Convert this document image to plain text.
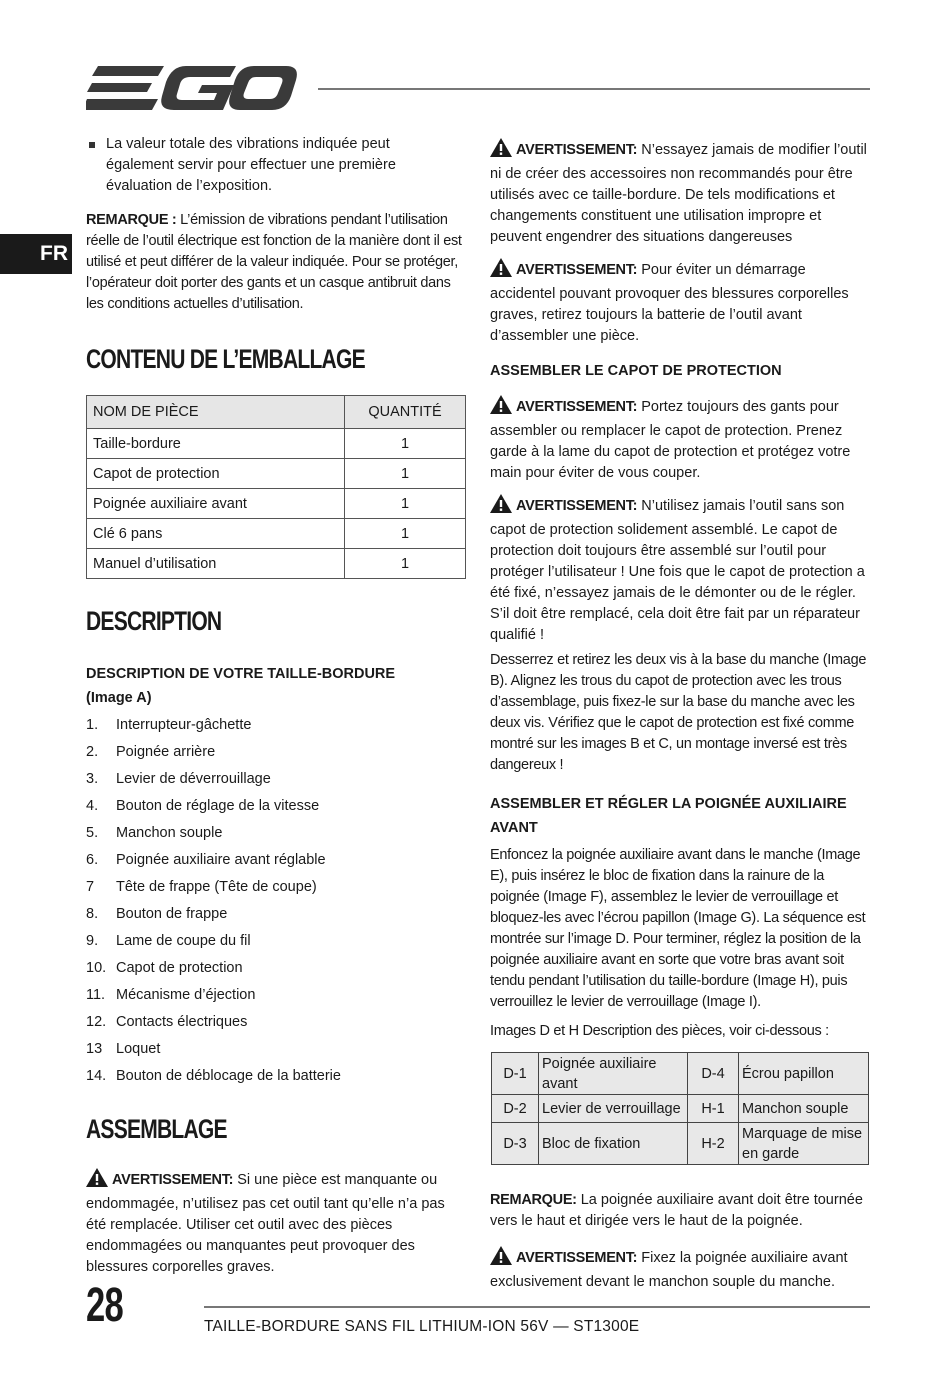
FR
La valeur totale des vibrations indiquée peut également servir pour effectuer une première évaluation de l’exposition.

REMARQUE : L’émission de vibrations pendant l’utilisation réelle de l’outil électrique est fonction de la manière dont il est utilisé et peut différer de la valeur indiquée. Pour se protéger, l’opérateur doit porter des gants et un casque antibruit dans les conditions actuelles d’utilisation.

CONTENU DE L’EMBALLAGE
NOM DE PIÈCE	QUANTITÉ
Taille-bordure	1
Capot de protection	1
Poignée auxiliaire avant	1
Clé 6 pans	1
Manuel d’utilisation	1
DESCRIPTION
DESCRIPTION DE VOTRE TAILLE-BORDURE
(Image A)
1.	Interrupteur-gâchette
2.	Poignée arrière
3.	Levier de déverrouillage
4.	Bouton de réglage de la vitesse
5.	Manchon souple
6.	Poignée auxiliaire avant réglable
7	Tête de frappe (Tête de coupe)
8.	Bouton de frappe
9.	Lame de coupe du fil
10. Capot de protection
11. Mécanisme d’éjection
12. Contacts électriques
13 Loquet
14. Bouton de déblocage de la batterie
ASSEMBLAGE

AVERTISSEMENT: Si une pièce est manquante ou endommagée, n’utilisez pas cet outil tant qu’elle n’a pas été remplacée. Utiliser cet outil avec des pièces endommagées ou manquantes peut provoquer des blessures corporelles graves.

AVERTISSEMENT: N’essayez jamais de modifier l’outil ni de créer des accessoires non recommandés pour être utilisés avec ce taille-bordure. De tels modifications et changements constituent une utilisation impropre et peuvent engendrer des situations dangereuses

AVERTISSEMENT: Pour éviter un démarrage accidentel pouvant provoquer des blessures corporelles graves, retirez toujours la batterie de l’outil avant d’assembler une pièce.

ASSEMBLER LE CAPOT DE PROTECTION

AVERTISSEMENT: Portez toujours des gants pour assembler ou remplacer le capot de protection. Prenez garde à la lame du capot de protection et protégez votre main pour éviter de vous couper.

AVERTISSEMENT: N’utilisez jamais l’outil sans son capot de protection solidement assemblé. Le capot de protection doit toujours être assemblé sur l’outil pour protéger l’utilisateur ! Une fois que le capot de protection a été fixé, n’essayez jamais de le démonter ou de le régler. S’il doit être remplacé, cela doit être fait par un réparateur qualifié !

Desserrez et retirez les deux vis à la base du manche (Image B). Alignez les trous du capot de protection avec les trous d’assemblage, puis fixez-le sur la base du manche avec les deux vis. Vérifiez que le capot de protection est fixé comme montré sur les images B et C, un montage inversé est très dangereux !

ASSEMBLER ET RÉGLER LA POIGNÉE AUXILIAIRE
AVANT

Enfoncez la poignée auxiliaire avant dans le manche (Image E), puis insérez le bloc de fixation dans la rainure de la poignée (Image F), assemblez le levier de verrouillage et bloquez-les avec l’écrou papillon (Image G). La séquence est montrée sur l’image D. Pour terminer, réglez la position de la poignée auxiliaire avant en sorte que votre bras avant soit tendu pendant l’utilisation du taille-bordure (Image H), puis verrouillez le levier de verrouillage (Image I).

Images D et H Description des pièces, voir ci-dessous :

D-1	Poignée auxiliaire avant	D-4	Écrou papillon
D-2	Levier de verrouillage	H-1	Manchon souple
D-3	Bloc de fixation	H-2	Marquage de mise en garde

REMARQUE: La poignée auxiliaire avant doit être tournée vers le haut et dirigée vers le haut de la poignée.

AVERTISSEMENT: Fixez la poignée auxiliaire avant exclusivement devant le manchon souple du manche.

28	TAILLE-BORDURE SANS FIL LITHIUM-ION 56V — ST1300E
